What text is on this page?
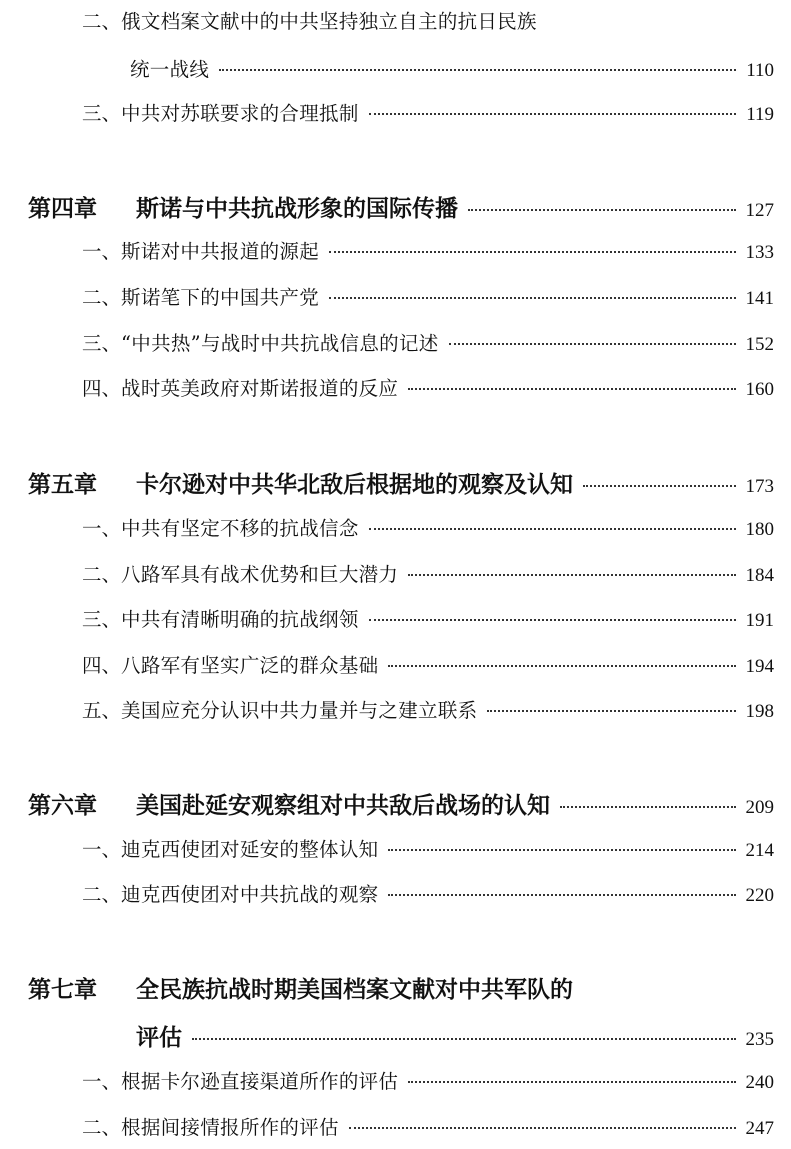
二、 俄文档案文献中的中共坚持独立自主的抗日民族
统一战线	110
三、 中共对苏联要求的合理抵制	119
第四章	斯诺与中共抗战形象的国际传播	127
一、 斯诺对中共报道的源起	133
二、 斯诺笔下的中国共产党	141
三、 “中共热”与战时中共抗战信息的记述	152
四、 战时英美政府对斯诺报道的反应	160
第五章	卡尔逊对中共华北敌后根据地的观察及认知	173
一、 中共有坚定不移的抗战信念	180
二、 八路军具有战术优势和巨大潜力	184
三、 中共有清晰明确的抗战纲领	191
四、 八路军有坚实广泛的群众基础	194
五、 美国应充分认识中共力量并与之建立联系	198
第六章	美国赴延安观察组对中共敌后战场的认知	209
一、 迪克西使团对延安的整体认知	214
二、 迪克西使团对中共抗战的观察	220
第七章	全民族抗战时期美国档案文献对中共军队的
评估	235
一、 根据卡尔逊直接渠道所作的评估	240
二、 根据间接情报所作的评估	247
